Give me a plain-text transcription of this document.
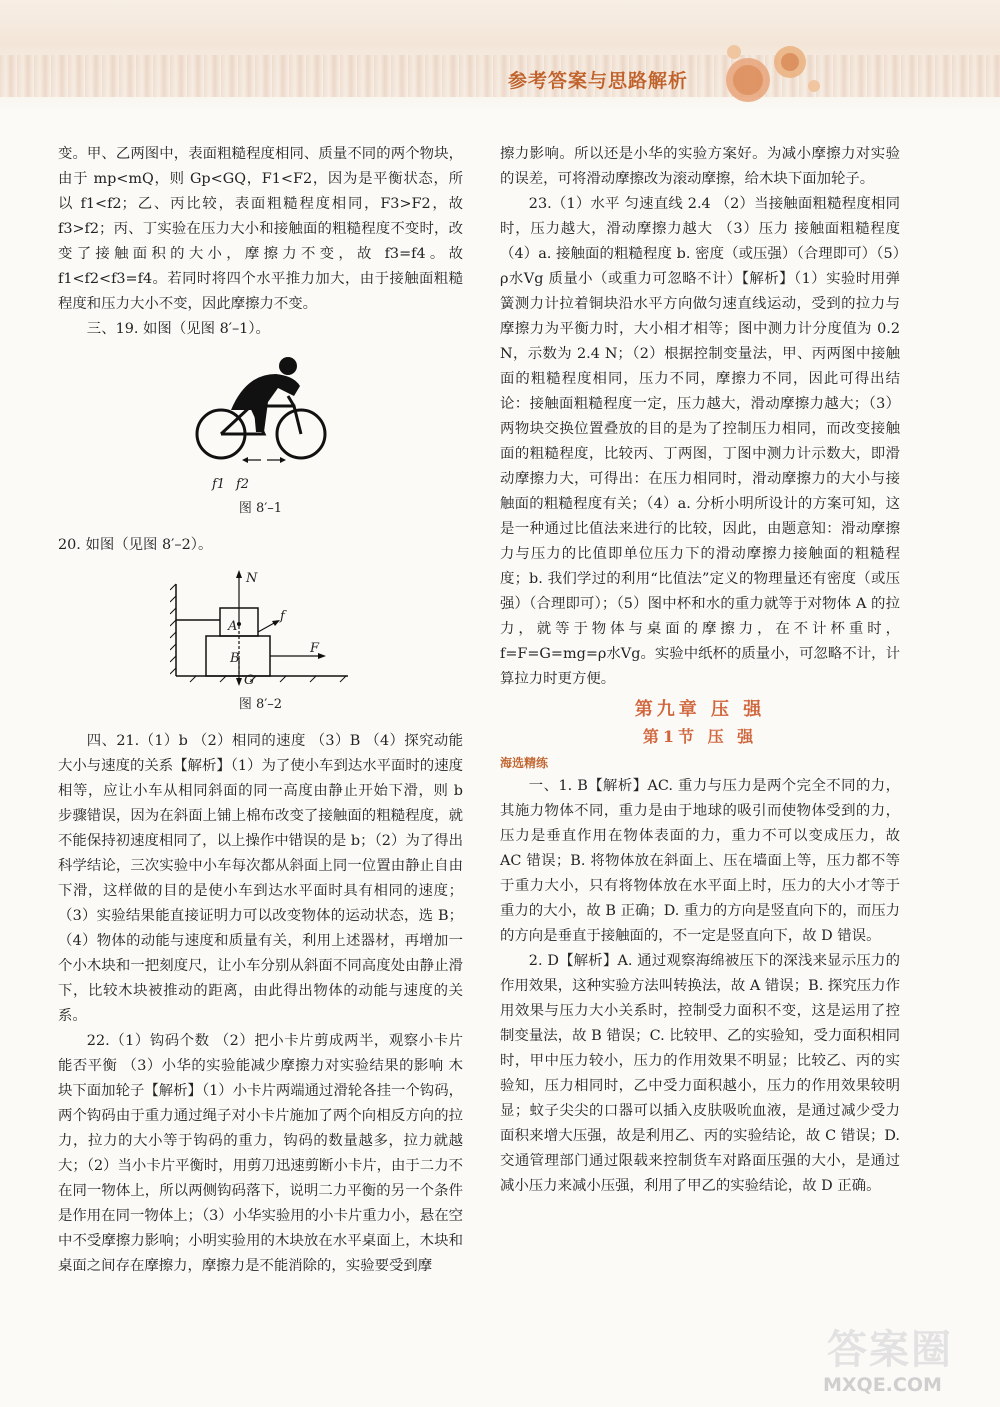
参考答案与思路解析

变。甲、乙两图中，表面粗糙程度相同、质量不同的两个物块，由于 mp<mQ，则 Gp<GQ，F1<F2，因为是平衡状态，所以 f1<f2；乙、丙比较，表面粗糙程度相同，F3>F2，故 f3>f2；丙、丁实验在压力大小和接触面的粗糙程度不变时，改变了接触面积的大小，摩擦力不变，故 f3=f4。故 f1<f2<f3=f4。若同时将四个水平推力加大，由于接触面粗糙程度和压力大小不变，因此摩擦力不变。

三、19. 如图（见图 8′–1）。

f1 f2
图 8′–1

20. 如图（见图 8′–2）。

N
A
B
f
F
G
图 8′–2

四、21.（1）b （2）相同的速度 （3）B （4）探究动能大小与速度的关系【解析】（1）为了使小车到达水平面时的速度相等，应让小车从相同斜面的同一高度由静止开始下滑，则 b 步骤错误，因为在斜面上铺上棉布改变了接触面的粗糙程度，就不能保持初速度相同了，以上操作中错误的是 b；（2）为了得出科学结论，三次实验中小车每次都从斜面上同一位置由静止自由下滑，这样做的目的是使小车到达水平面时具有相同的速度；（3）实验结果能直接证明力可以改变物体的运动状态，选 B；（4）物体的动能与速度和质量有关，利用上述器材，再增加一个小木块和一把刻度尺，让小车分别从斜面不同高度处由静止滑下，比较木块被推动的距离，由此得出物体的动能与速度的关系。

22.（1）钩码个数 （2）把小卡片剪成两半，观察小卡片能否平衡 （3）小华的实验能减少摩擦力对实验结果的影响 木块下面加轮子【解析】（1）小卡片两端通过滑轮各挂一个钩码，两个钩码由于重力通过绳子对小卡片施加了两个向相反方向的拉力，拉力的大小等于钩码的重力，钩码的数量越多，拉力就越大；（2）当小卡片平衡时，用剪刀迅速剪断小卡片，由于二力不在同一物体上，所以两侧钩码落下，说明二力平衡的另一个条件是作用在同一物体上；（3）小华实验用的小卡片重力小，悬在空中不受摩擦力影响；小明实验用的木块放在水平桌面上，木块和桌面之间存在摩擦力，摩擦力是不能消除的，实验要受到摩

擦力影响。所以还是小华的实验方案好。为减小摩擦力对实验的误差，可将滑动摩擦改为滚动摩擦，给木块下面加轮子。

23.（1）水平 匀速直线 2.4 （2）当接触面粗糙程度相同时，压力越大，滑动摩擦力越大 （3）压力 接触面粗糙程度 （4）a. 接触面的粗糙程度 b. 密度（或压强）（合理即可）（5）ρ水Vg 质量小（或重力可忽略不计）【解析】（1）实验时用弹簧测力计拉着铜块沿水平方向做匀速直线运动，受到的拉力与摩擦力为平衡力时，大小相才相等；图中测力计分度值为 0.2 N，示数为 2.4 N；（2）根据控制变量法，甲、丙两图中接触面的粗糙程度相同，压力不同，摩擦力不同，因此可得出结论：接触面粗糙程度一定，压力越大，滑动摩擦力越大；（3）两物块交换位置叠放的目的是为了控制压力相同，而改变接触面的粗糙程度，比较丙、丁两图，丁图中测力计示数大，即滑动摩擦力大，可得出：在压力相同时，滑动摩擦力的大小与接触面的粗糙程度有关；（4）a. 分析小明所设计的方案可知，这是一种通过比值法来进行的比较，因此，由题意知：滑动摩擦力与压力的比值即单位压力下的滑动摩擦力接触面的粗糙程度；b. 我们学过的利用“比值法”定义的物理量还有密度（或压强）（合理即可）；（5）图中杯和水的重力就等于对物体 A 的拉力，就等于物体与桌面的摩擦力，在不计杯重时，f=F=G=mg=ρ水Vg。实验中纸杯的质量小，可忽略不计，计算拉力时更方便。

第九章 压 强
第1节 压 强
海选精练

一、1. B【解析】AC. 重力与压力是两个完全不同的力，其施力物体不同，重力是由于地球的吸引而使物体受到的力，压力是垂直作用在物体表面的力，重力不可以变成压力，故 AC 错误；B. 将物体放在斜面上、压在墙面上等，压力都不等于重力大小，只有将物体放在水平面上时，压力的大小才等于重力的大小，故 B 正确；D. 重力的方向是竖直向下的，而压力的方向是垂直于接触面的，不一定是竖直向下，故 D 错误。

2. D【解析】A. 通过观察海绵被压下的深浅来显示压力的作用效果，这种实验方法叫转换法，故 A 错误；B. 探究压力作用效果与压力大小关系时，控制受力面积不变，这是运用了控制变量法，故 B 错误；C. 比较甲、乙的实验知，受力面积相同时，甲中压力较小，压力的作用效果不明显；比较乙、丙的实验知，压力相同时，乙中受力面积越小，压力的作用效果较明显；蚊子尖尖的口器可以插入皮肤吸吮血液，是通过减少受力面积来增大压强，故是利用乙、丙的实验结论，故 C 错误；D. 交通管理部门通过限载来控制货车对路面压强的大小，是通过减小压力来减小压强，利用了甲乙的实验结论，故 D 正确。

答案圈
MXQE.COM
